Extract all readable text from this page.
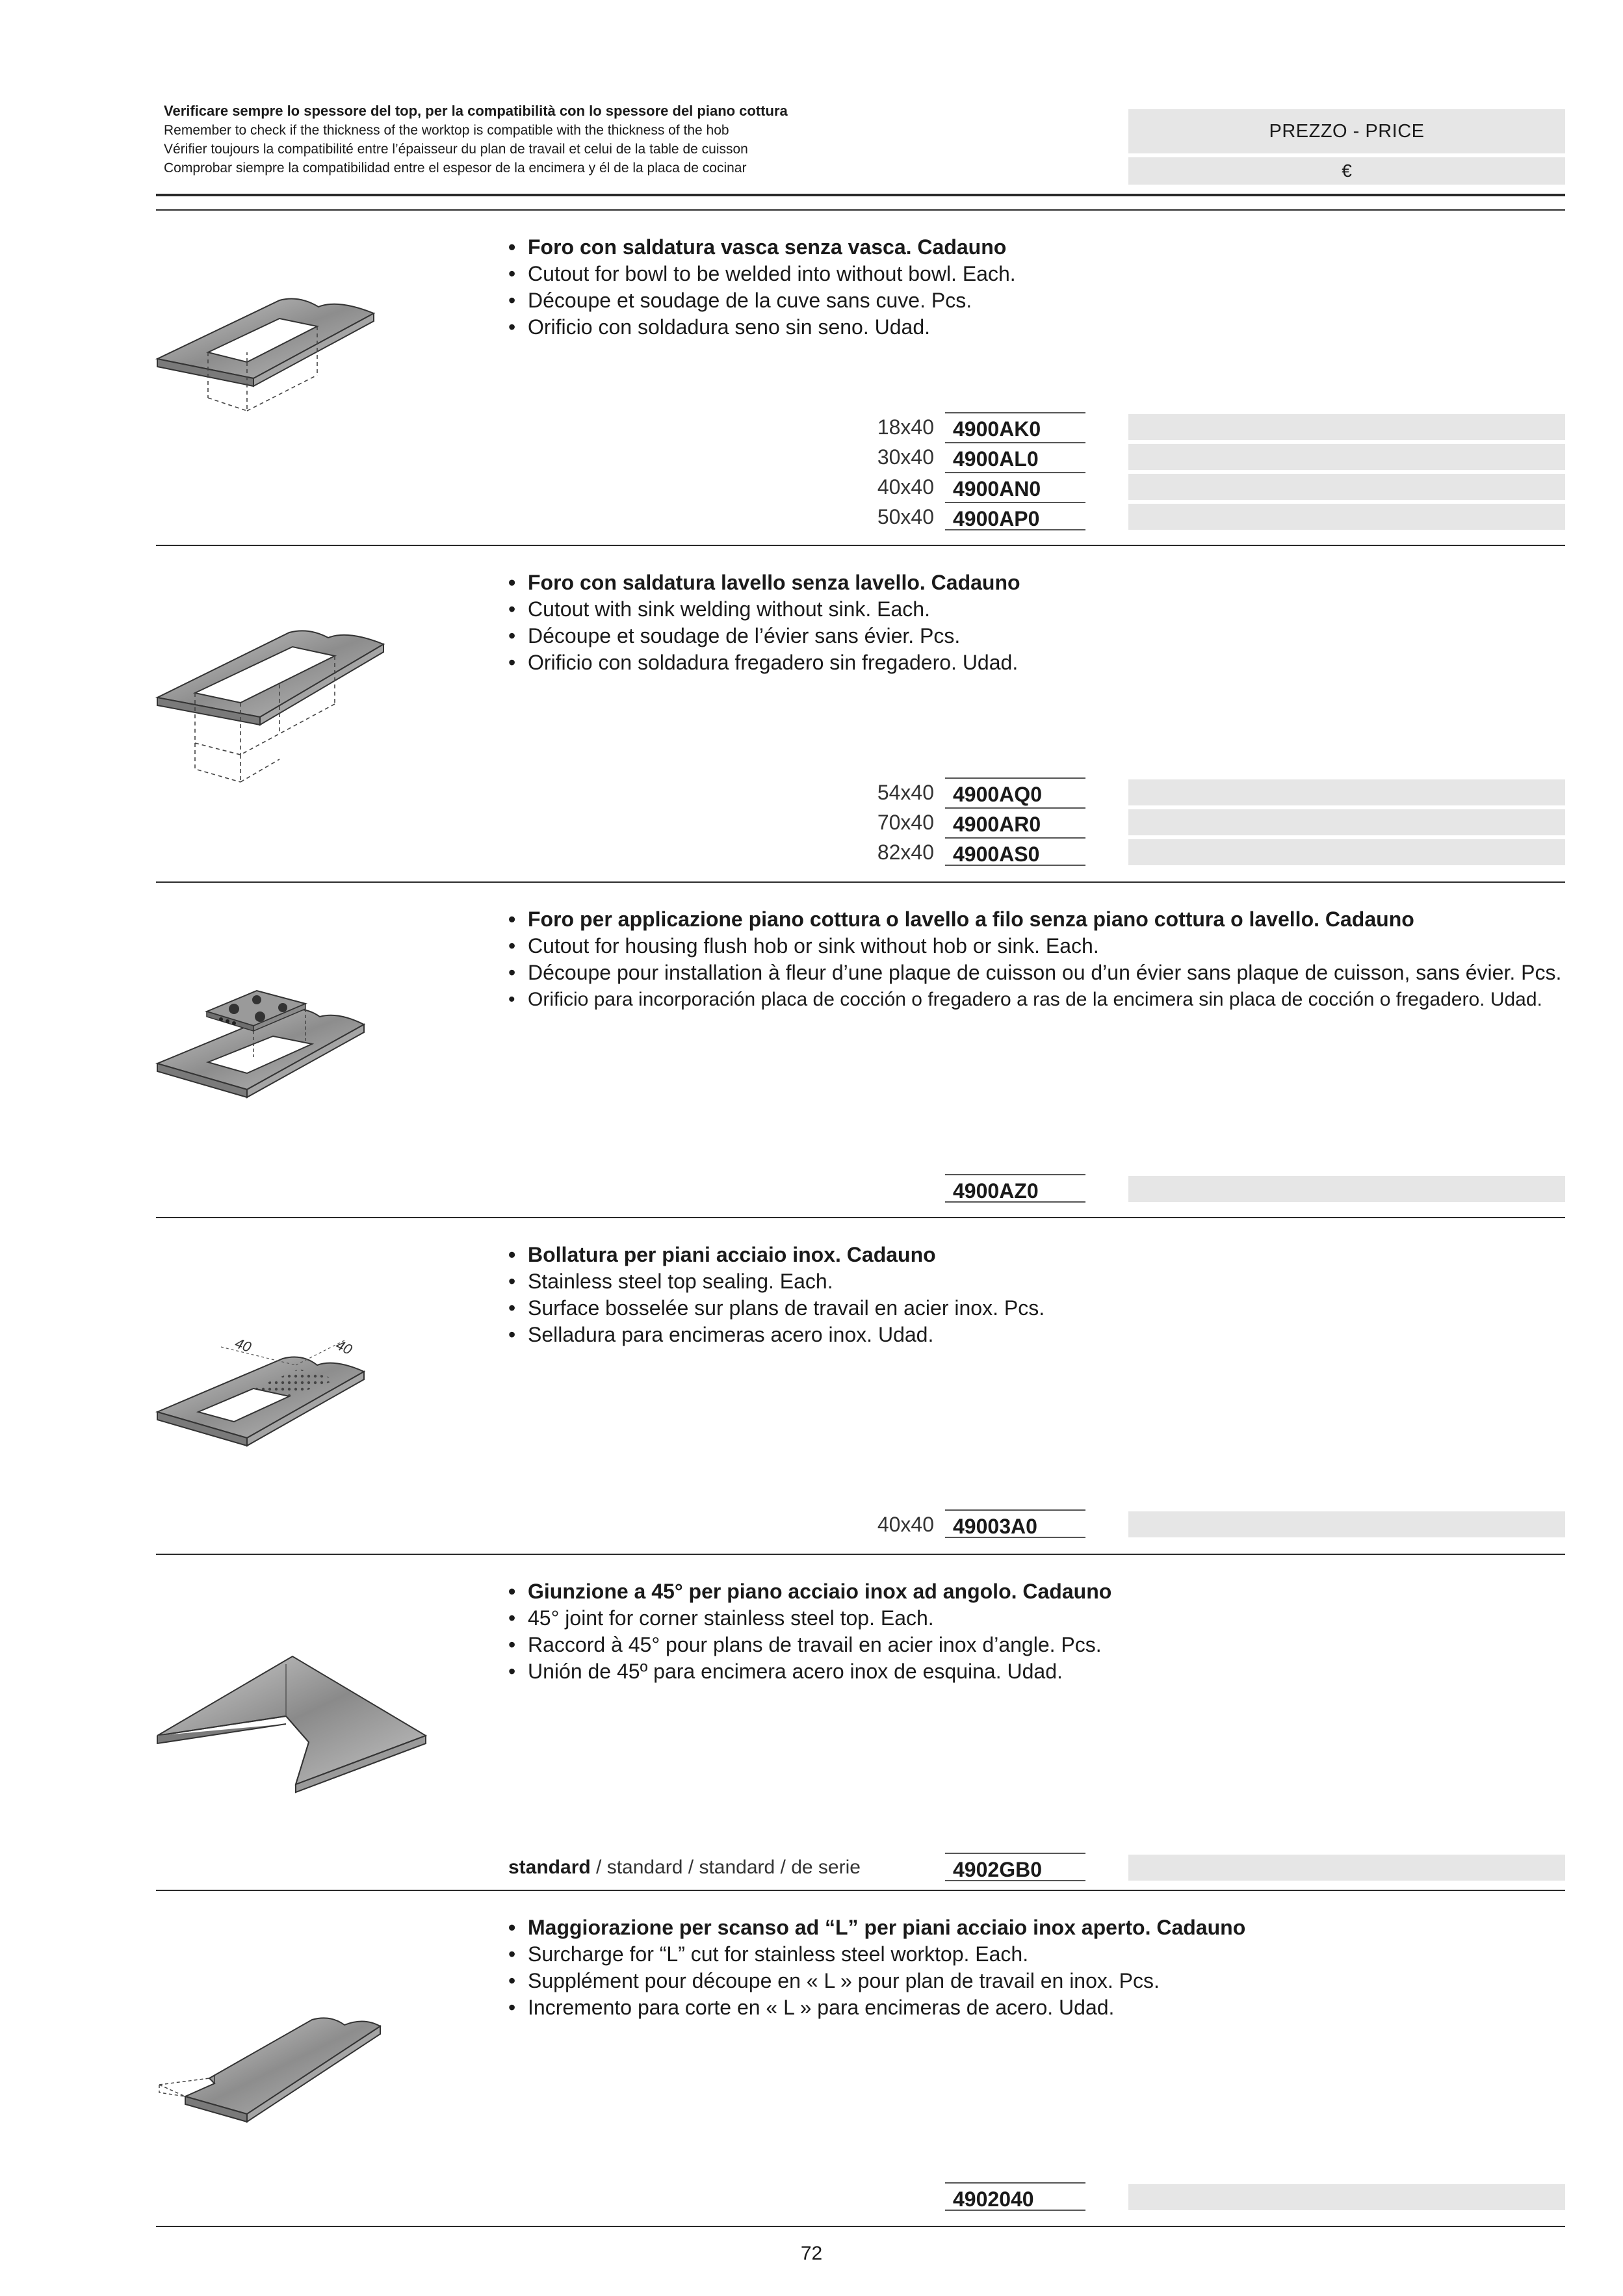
Verificare sempre lo spessore del top, per la compatibilità con lo spessore del piano cottura
Remember to check if the thickness of the worktop is compatible with the thickness of the hob
Vérifier toujours la compatibilité entre l’épaisseur du plan de travail et celui de la table de cuisson
Comprobar siempre la compatibilidad entre el espesor de la encimera y él de la placa de cocinar
PREZZO - PRICE
€
• Foro con saldatura vasca senza vasca. Cadauno
• Cutout for bowl to be welded into without bowl. Each.
• Découpe et soudage de la cuve sans cuve. Pcs.
• Orificio con soldadura seno sin seno. Udad.
18x40 4900AK0
30x40 4900AL0
40x40 4900AN0
50x40 4900AP0
• Foro con saldatura lavello senza lavello. Cadauno
• Cutout with sink welding without sink. Each.
• Découpe et soudage de l’évier sans évier. Pcs.
• Orificio con soldadura fregadero sin fregadero. Udad.
54x40 4900AQ0
70x40 4900AR0
82x40 4900AS0
• Foro per applicazione piano cottura o lavello a filo senza piano cottura o lavello. Cadauno
• Cutout for housing flush hob or sink without hob or sink. Each.
• Découpe pour installation à fleur d’une plaque de cuisson ou d’un évier sans plaque de cuisson, sans évier. Pcs.
• Orificio para incorporación placa de cocción o fregadero a ras de la encimera sin placa de cocción o fregadero. Udad.
4900AZ0
• Bollatura per piani acciaio inox. Cadauno
• Stainless steel top sealing. Each.
• Surface bosselée sur plans de travail en acier inox. Pcs.
• Selladura para encimeras acero inox. Udad.
40	40
40x40 49003A0
• Giunzione a 45° per piano acciaio inox ad angolo. Cadauno
• 45° joint for corner stainless steel top. Each.
• Raccord à 45° pour plans de travail en acier inox d’angle. Pcs.
• Unión de 45º para encimera acero inox de esquina. Udad.
standard / standard / standard / de serie	4902GB0
• Maggiorazione per scanso ad “L” per piani acciaio inox aperto. Cadauno
• Surcharge for “L” cut for stainless steel worktop. Each.
• Supplément pour découpe en « L » pour plan de travail en inox. Pcs.
• Incremento para corte en « L » para encimeras de acero. Udad.
4902040
72
